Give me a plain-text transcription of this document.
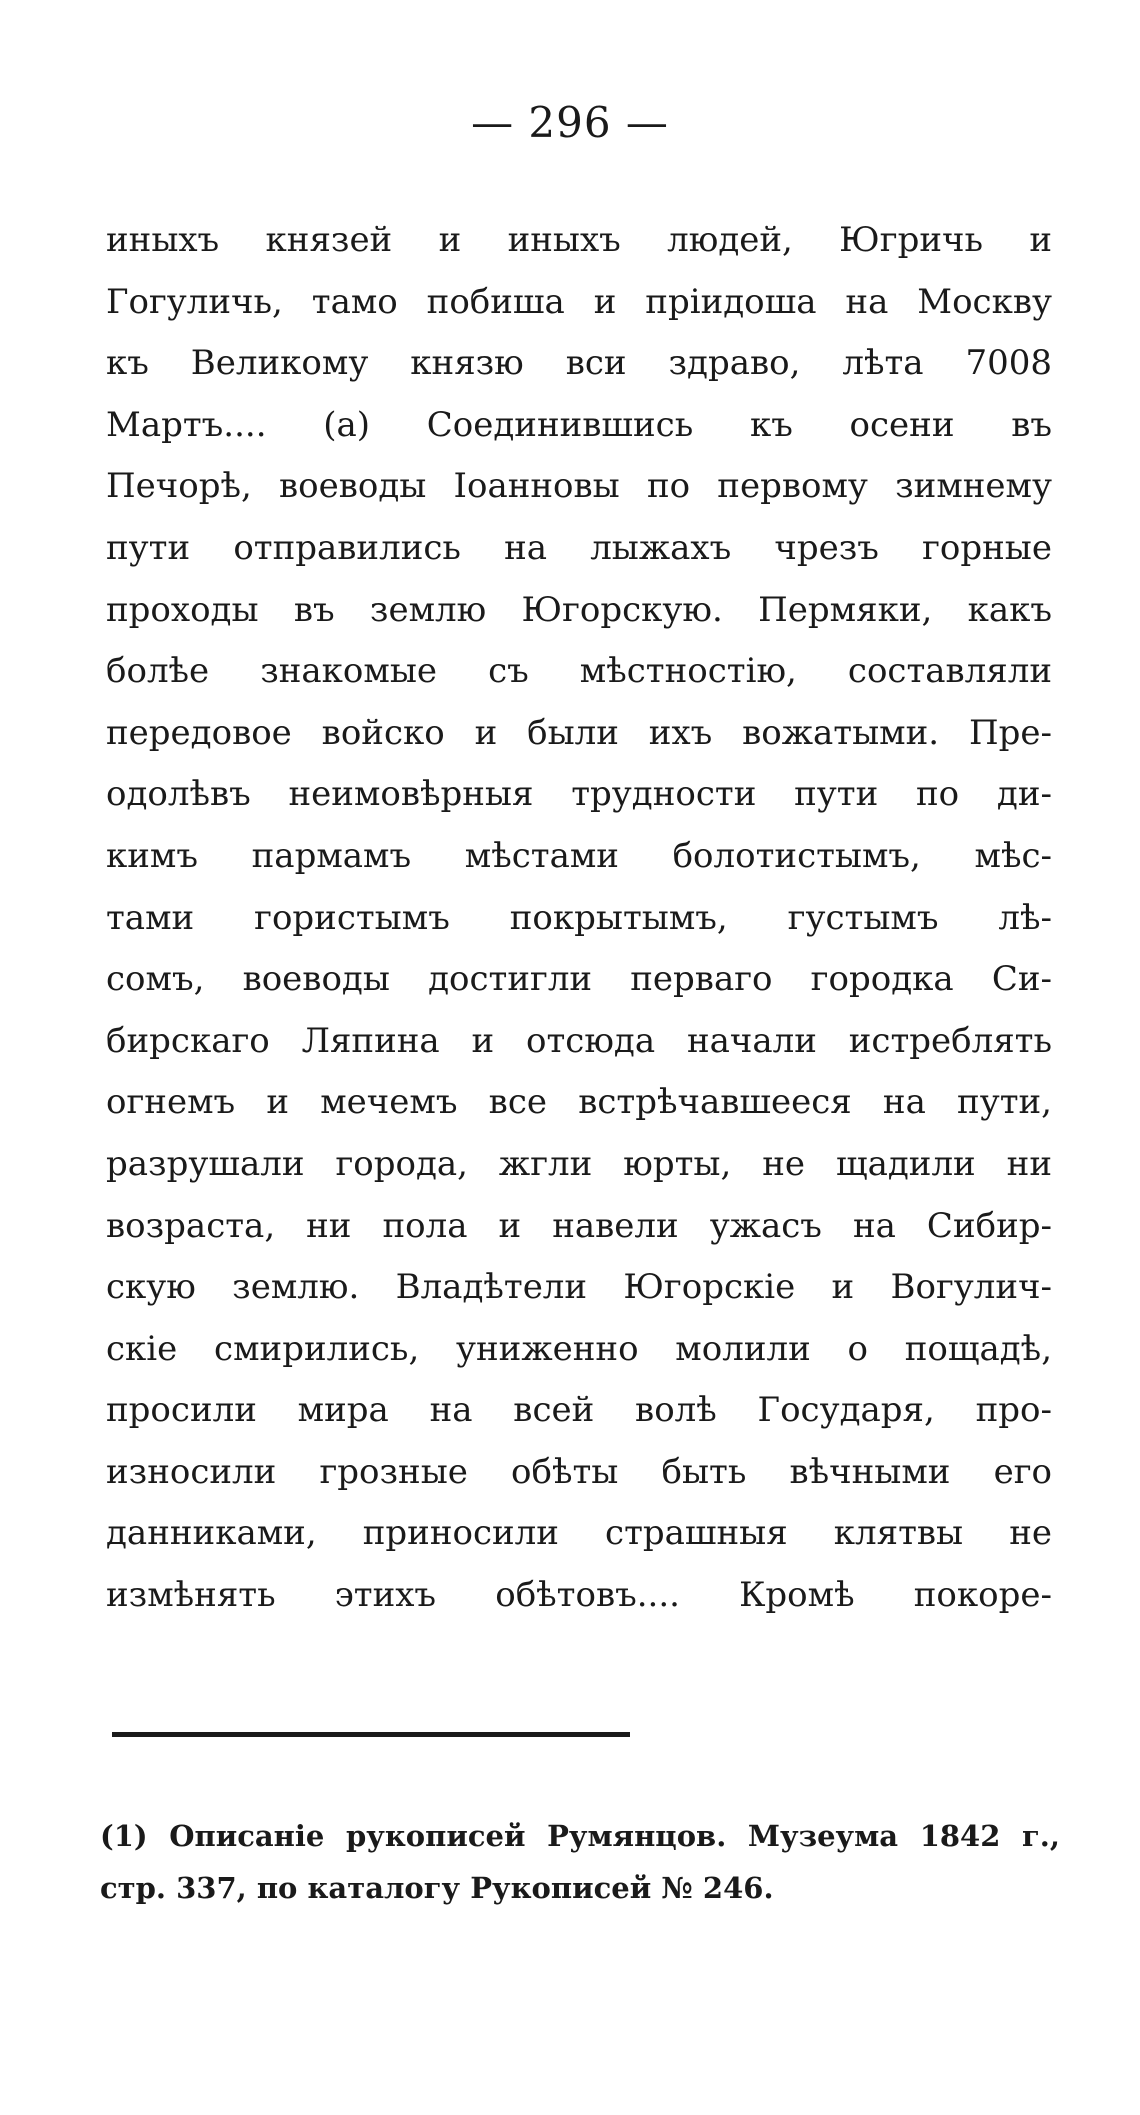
— 296 —
иныхъ князей и иныхъ людей, Югричь и
Гогуличь, тамо побиша и пріидоша на Москву
къ Великому князю вси здраво, лѣта 7008
Мартъ.... (а) Соединившись къ осени въ
Печорѣ, воеводы Іоанновы по первому зимнему
пути отправились на лыжахъ чрезъ горные
проходы въ землю Югорскую. Пермяки, какъ
болѣе знакомые съ мѣстностію, составляли
передовое войско и были ихъ вожатыми. Пре-
одолѣвъ неимовѣрныя трудности пути по ди-
кимъ пармамъ мѣстами болотистымъ, мѣс-
тами гористымъ покрытымъ, густымъ лѣ-
сомъ, воеводы достигли перваго городка Си-
бирскаго Ляпина и отсюда начали истреблять
огнемъ и мечемъ все встрѣчавшееся на пути,
разрушали города, жгли юрты, не щадили ни
возраста, ни пола и навели ужасъ на Сибир-
скую землю. Владѣтели Югорскіе и Вогулич-
скіе смирились, униженно молили о пощадѣ,
просили мира на всей волѣ Государя, про-
износили грозные обѣты быть вѣчными его
данниками, приносили страшныя клятвы не
измѣнять этихъ обѣтовъ.... Кромѣ покоре-
(1) Описаніе рукописей Румянцов. Музеума 1842 г.,
стр. 337, по каталогу Рукописей № 246.
